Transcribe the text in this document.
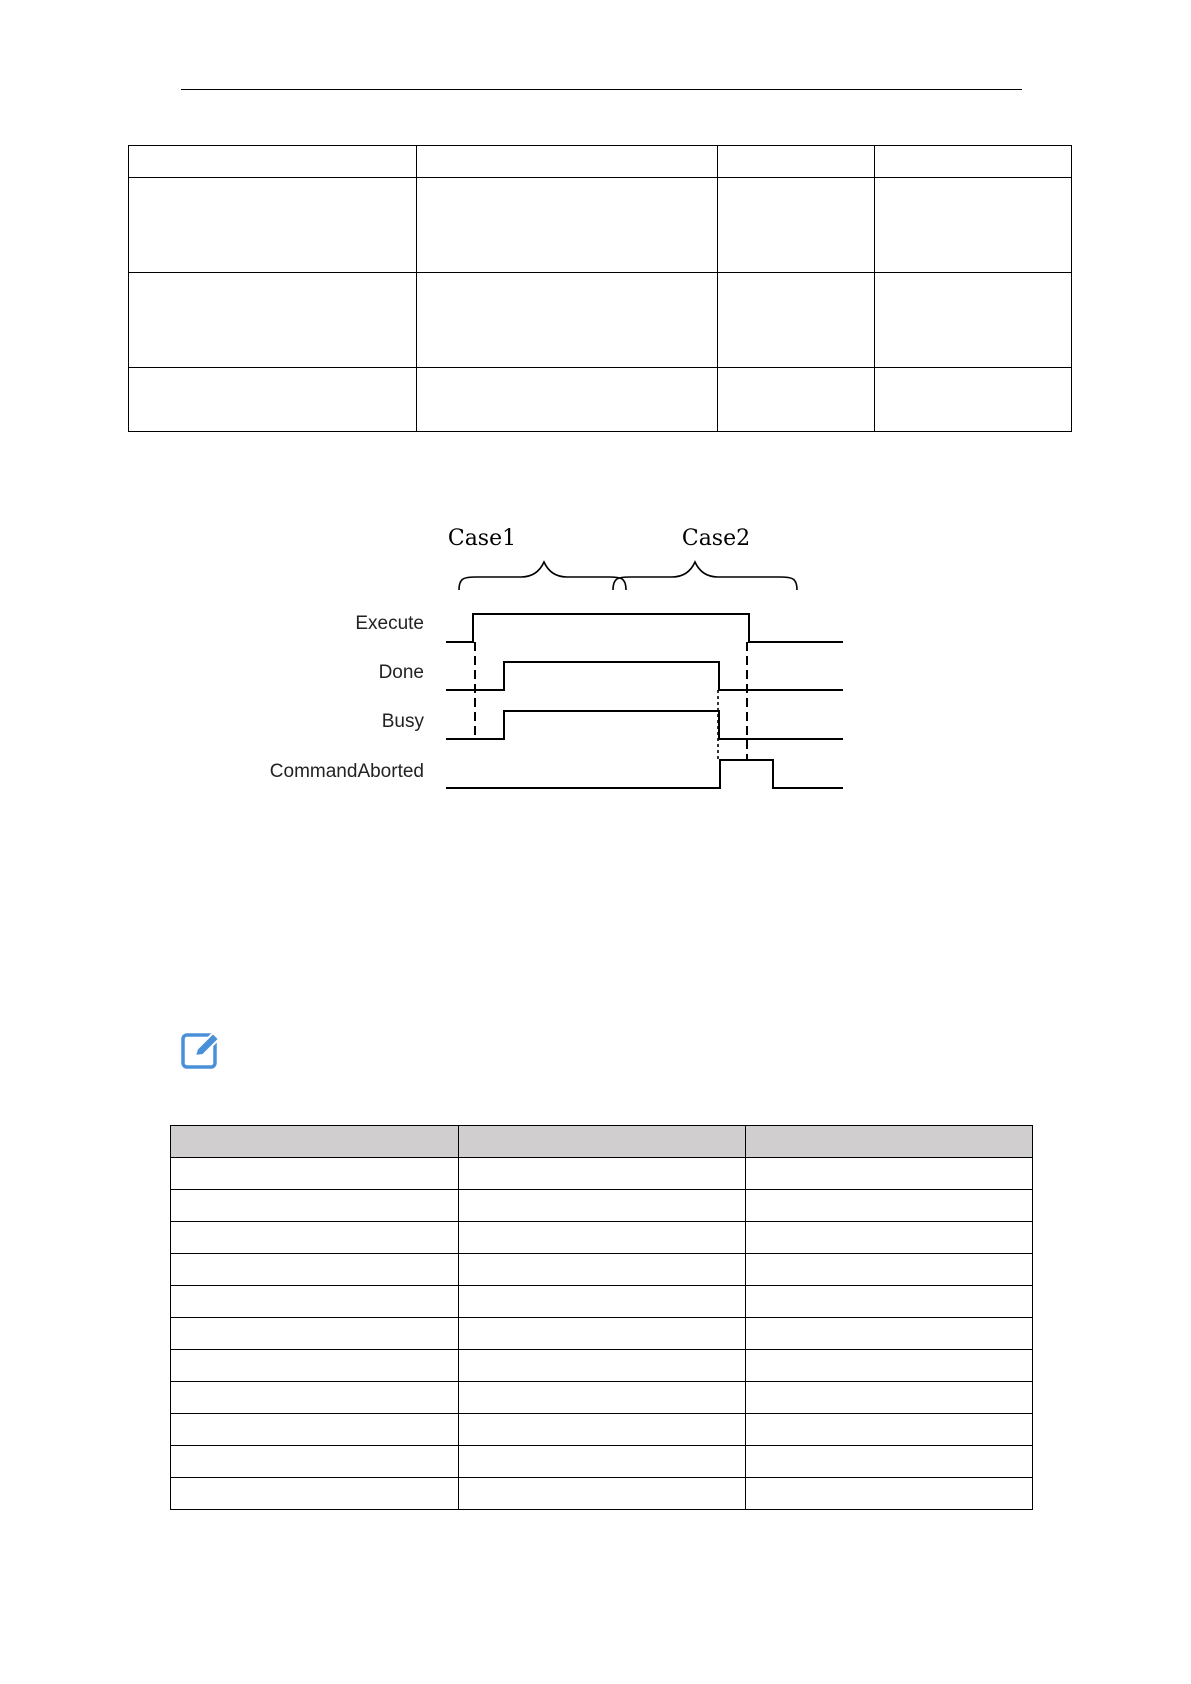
Case1	Case2
Execute
Done
Busy
CommandAborted
